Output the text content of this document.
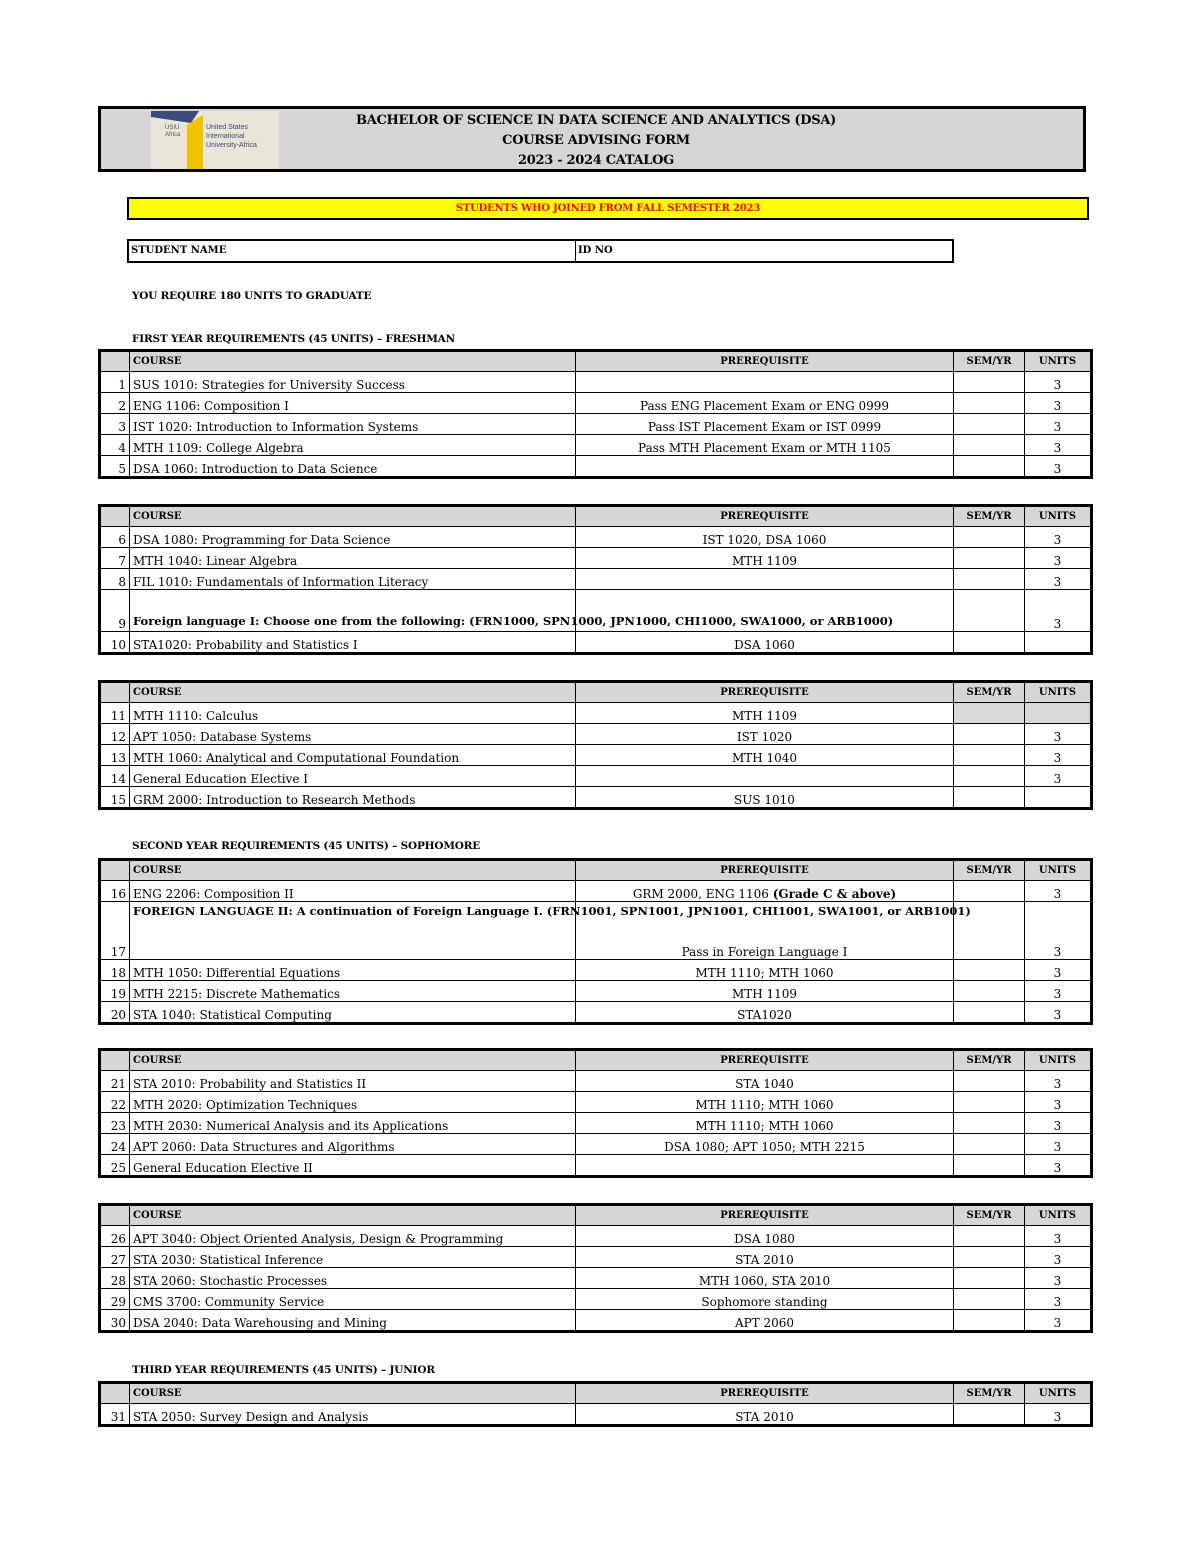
USIU
Africa
United States
International
University-Africa
BACHELOR OF SCIENCE IN DATA SCIENCE AND ANALYTICS (DSA)
COURSE ADVISING FORM
2023 - 2024 CATALOG
STUDENTS WHO JOINED FROM FALL SEMESTER 2023
STUDENT NAME	ID NO
YOU REQUIRE 180 UNITS TO GRADUATE
FIRST YEAR REQUIREMENTS (45 UNITS) – FRESHMAN
SECOND YEAR REQUIREMENTS (45 UNITS) – SOPHOMORE
THIRD YEAR REQUIREMENTS (45 UNITS) – JUNIOR
	COURSE	PREREQUISITE	SEM/YR	UNITS
1	SUS 1010: Strategies for University Success			3
2	ENG 1106: Composition I	Pass ENG Placement Exam or ENG 0999		3
3	IST 1020: Introduction to Information Systems	Pass IST Placement Exam or IST 0999		3
4	MTH 1109: College Algebra	Pass MTH Placement Exam or MTH 1105		3
5	DSA 1060: Introduction to Data Science			3
	COURSE	PREREQUISITE	SEM/YR	UNITS
6	DSA 1080: Programming for Data Science	IST 1020, DSA 1060		3
7	MTH 1040: Linear Algebra	MTH 1109		3
8	FIL 1010: Fundamentals of Information Literacy			3
9	Foreign language I: Choose one from the following: (FRN1000, SPN1000, JPN1000, CHI1000, SWA1000, or ARB1000)			3
10	STA1020: Probability and Statistics I	DSA 1060		
	COURSE	PREREQUISITE	SEM/YR	UNITS
11	MTH 1110: Calculus	MTH 1109		
12	APT 1050: Database Systems	IST 1020		3
13	MTH 1060: Analytical and Computational Foundation	MTH 1040		3
14	General Education Elective I			3
15	GRM 2000: Introduction to Research Methods	SUS 1010		
	COURSE	PREREQUISITE	SEM/YR	UNITS
16	ENG 2206: Composition II	GRM 2000, ENG 1106 (Grade C & above)		3
17	FOREIGN LANGUAGE II: A continuation of Foreign Language I. (FRN1001, SPN1001, JPN1001, CHI1001, SWA1001, or ARB1001)	Pass in Foreign Language I		3
18	MTH 1050: Differential Equations	MTH 1110; MTH 1060		3
19	MTH 2215: Discrete Mathematics	MTH 1109		3
20	STA 1040: Statistical Computing	STA1020		3
	COURSE	PREREQUISITE	SEM/YR	UNITS
21	STA 2010: Probability and Statistics II	STA 1040		3
22	MTH 2020: Optimization Techniques	MTH 1110; MTH 1060		3
23	MTH 2030: Numerical Analysis and its Applications	MTH 1110; MTH 1060		3
24	APT 2060: Data Structures and Algorithms	DSA 1080; APT 1050; MTH 2215		3
25	General Education Elective II			3
	COURSE	PREREQUISITE	SEM/YR	UNITS
26	APT 3040: Object Oriented Analysis, Design & Programming	DSA 1080		3
27	STA 2030: Statistical Inference	STA 2010		3
28	STA 2060: Stochastic Processes	MTH 1060, STA 2010		3
29	CMS 3700: Community Service	Sophomore standing		3
30	DSA 2040: Data Warehousing and Mining	APT 2060		3
	COURSE	PREREQUISITE	SEM/YR	UNITS
31	STA 2050: Survey Design and Analysis	STA 2010		3
